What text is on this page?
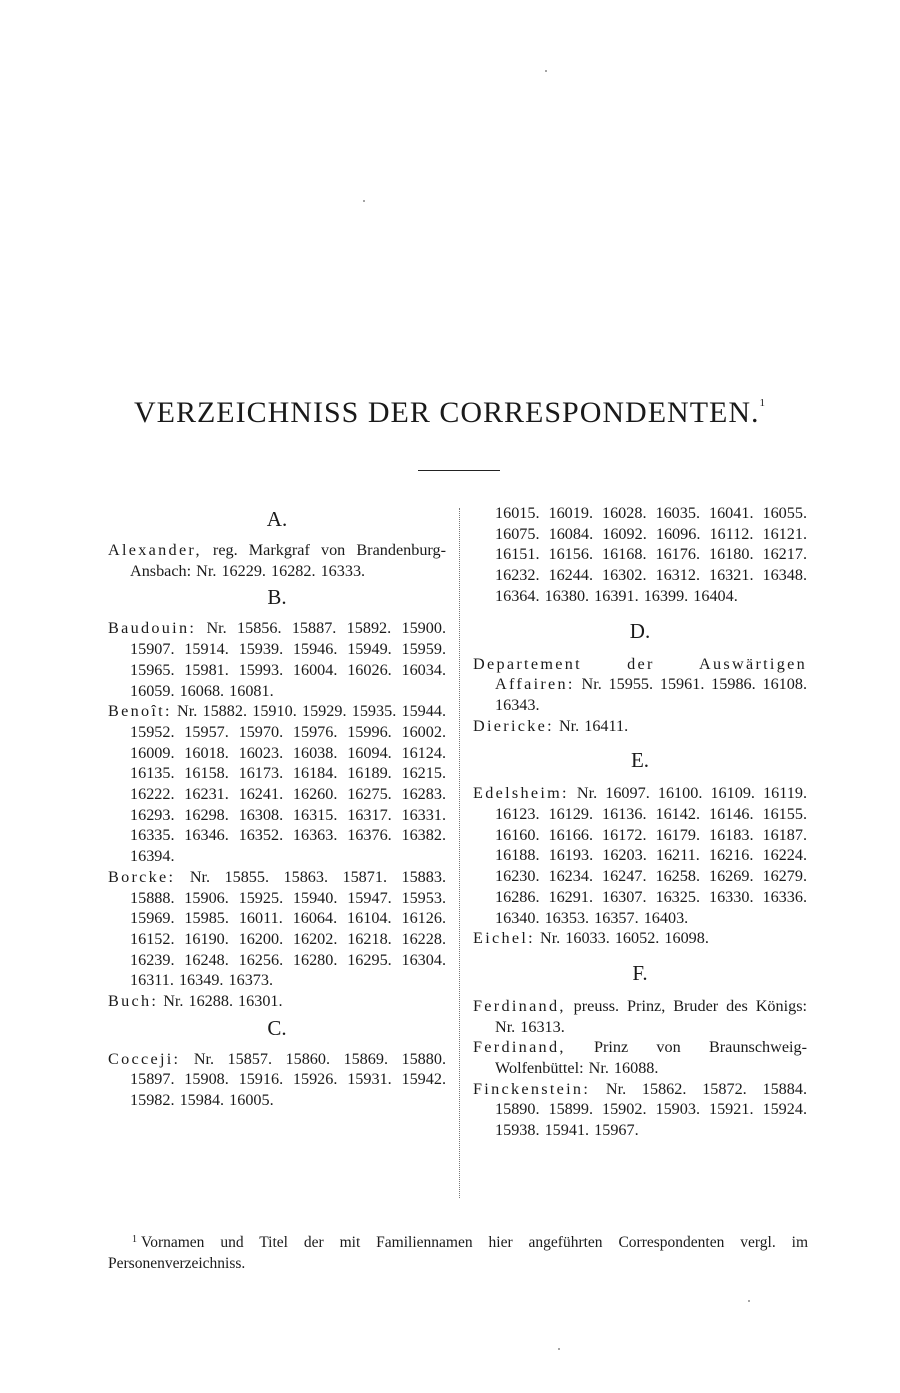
VERZEICHNISS DER CORRESPONDENTEN.$^1$
A.

Alexander, reg. Markgraf von Brandenburg-Ansbach: Nr. 16229. 16282. 16333.

B.

Baudouin: Nr. 15856. 15887. 15892. 15900. 15907. 15914. 15939. 15946. 15949. 15959. 15965. 15981. 15993. 16004. 16026. 16034. 16059. 16068. 16081.

Benoît: Nr. 15882. 15910. 15929. 15935. 15944. 15952. 15957. 15970. 15976. 15996. 16002. 16009. 16018. 16023. 16038. 16094. 16124. 16135. 16158. 16173. 16184. 16189. 16215. 16222. 16231. 16241. 16260. 16275. 16283. 16293. 16298. 16308. 16315. 16317. 16331. 16335. 16346. 16352. 16363. 16376. 16382. 16394.

Borcke: Nr. 15855. 15863. 15871. 15883. 15888. 15906. 15925. 15940. 15947. 15953. 15969. 15985. 16011. 16064. 16104. 16126. 16152. 16190. 16200. 16202. 16218. 16228. 16239. 16248. 16256. 16280. 16295. 16304. 16311. 16349. 16373.

Buch: Nr. 16288. 16301.

C.

Cocceji: Nr. 15857. 15860. 15869. 15880. 15897. 15908. 15916. 15926. 15931. 15942. 15982. 15984. 16005.

16015. 16019. 16028. 16035. 16041. 16055. 16075. 16084. 16092. 16096. 16112. 16121. 16151. 16156. 16168. 16176. 16180. 16217. 16232. 16244. 16302. 16312. 16321. 16348. 16364. 16380. 16391. 16399. 16404.

D.

Departement der Auswärtigen Affairen: Nr. 15955. 15961. 15986. 16108. 16343.

Diericke: Nr. 16411.

E.

Edelsheim: Nr. 16097. 16100. 16109. 16119. 16123. 16129. 16136. 16142. 16146. 16155. 16160. 16166. 16172. 16179. 16183. 16187. 16188. 16193. 16203. 16211. 16216. 16224. 16230. 16234. 16247. 16258. 16269. 16279. 16286. 16291. 16307. 16325. 16330. 16336. 16340. 16353. 16357. 16403.

Eichel: Nr. 16033. 16052. 16098.

F.

Ferdinand, preuss. Prinz, Bruder des Königs: Nr. 16313.

Ferdinand, Prinz von Braunschweig-Wolfenbüttel: Nr. 16088.

Finckenstein: Nr. 15862. 15872. 15884. 15890. 15899. 15902. 15903. 15921. 15924. 15938. 15941. 15967.

$^1$ Vornamen und Titel der mit Familiennamen hier angeführten Correspondenten vergl. im Personenverzeichniss.
